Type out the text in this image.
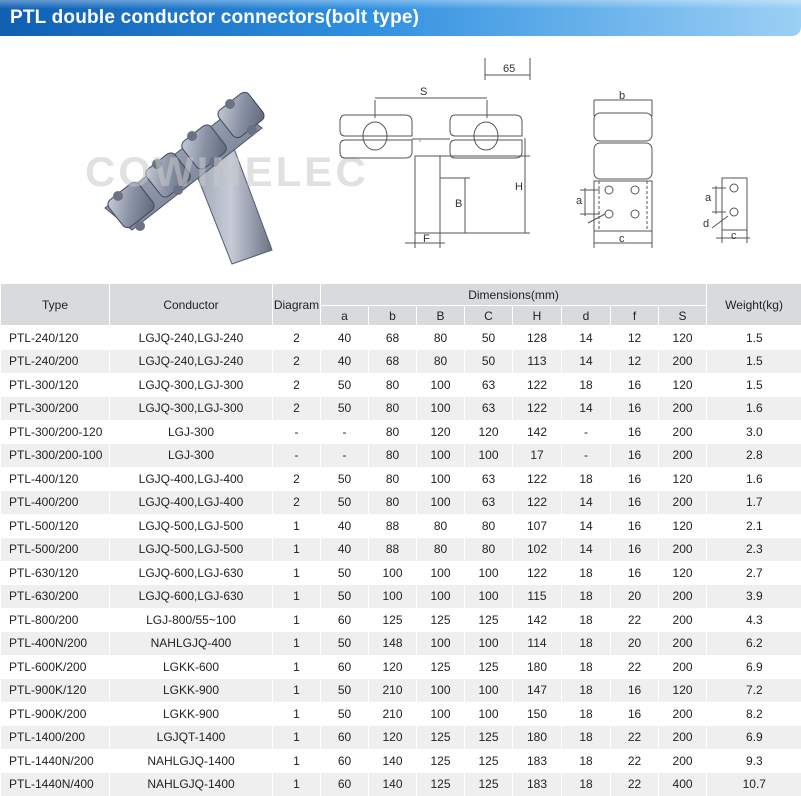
PTL double conductor connectors(bolt type)
COWINELEC
65
S
H
B
F
b
a
c
a
d
c
Type	Conductor	Diagram	Dimensions(mm)								Weight(kg)
			a	b	B	C	H	d	f	S	
PTL-240/120	LGJQ-240,LGJ-240	2	40	68	80	50	128	14	12	120	1.5
PTL-240/200	LGJQ-240,LGJ-240	2	40	68	80	50	113	14	12	200	1.5
PTL-300/120	LGJQ-300,LGJ-300	2	50	80	100	63	122	18	16	120	1.5
PTL-300/200	LGJQ-300,LGJ-300	2	50	80	100	63	122	14	16	200	1.6
PTL-300/200-120	LGJ-300	-	-	80	120	120	142	-	16	200	3.0
PTL-300/200-100	LGJ-300	-	-	80	100	100	17	-	16	200	2.8
PTL-400/120	LGJQ-400,LGJ-400	2	50	80	100	63	122	18	16	120	1.6
PTL-400/200	LGJQ-400,LGJ-400	2	50	80	100	63	122	14	16	200	1.7
PTL-500/120	LGJQ-500,LGJ-500	1	40	88	80	80	107	14	16	120	2.1
PTL-500/200	LGJQ-500,LGJ-500	1	40	88	80	80	102	14	16	200	2.3
PTL-630/120	LGJQ-600,LGJ-630	1	50	100	100	100	122	18	16	120	2.7
PTL-630/200	LGJQ-600,LGJ-630	1	50	100	100	100	115	18	20	200	3.9
PTL-800/200	LGJ-800/55~100	1	60	125	125	125	142	18	22	200	4.3
PTL-400N/200	NAHLGJQ-400	1	50	148	100	100	114	18	20	200	6.2
PTL-600K/200	LGKK-600	1	60	120	125	125	180	18	22	200	6.9
PTL-900K/120	LGKK-900	1	50	210	100	100	147	18	16	120	7.2
PTL-900K/200	LGKK-900	1	50	210	100	100	150	18	16	200	8.2
PTL-1400/200	LGJQT-1400	1	60	120	125	125	180	18	22	200	6.9
PTL-1440N/200	NAHLGJQ-1400	1	60	140	125	125	183	18	22	200	9.3
PTL-1440N/400	NAHLGJQ-1400	1	60	140	125	125	183	18	22	400	10.7
